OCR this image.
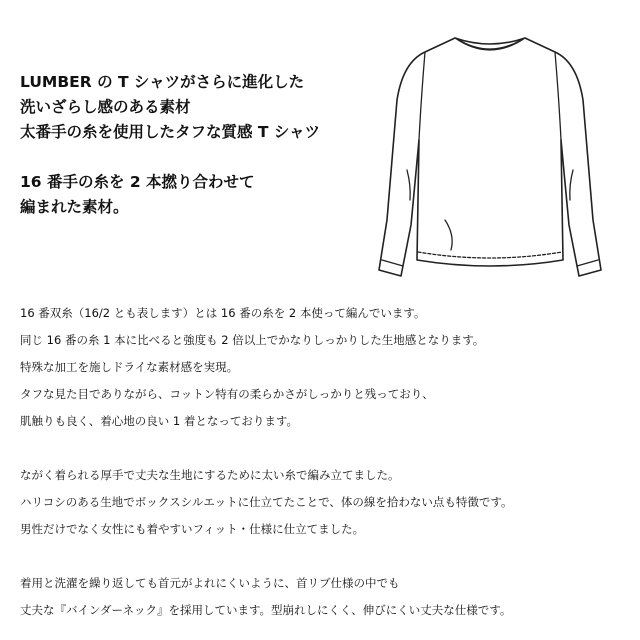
LUMBER の T シャツがさらに進化した
洗いざらし感のある素材
太番手の糸を使用したタフな質感 T シャツ
16 番手の糸を 2 本撚り合わせて
編まれた素材。
16 番双糸（16/2 とも表します）とは 16 番の糸を 2 本使って編んでいます。
同じ 16 番の糸 1 本に比べると強度も 2 倍以上でかなりしっかりした生地感となります。
特殊な加工を施しドライな素材感を実現。
タフな見た目でありながら、コットン特有の柔らかさがしっかりと残っており、
肌触りも良く、着心地の良い 1 着となっております。
ながく着られる厚手で丈夫な生地にするために太い糸で編み立てました。
ハリコシのある生地でボックスシルエットに仕立てたことで、体の線を拾わない点も特徴です。
男性だけでなく女性にも着やすいフィット・仕様に仕立てました。
着用と洗濯を繰り返しても首元がよれにくいように、首リブ仕様の中でも
丈夫な『バインダーネック』を採用しています。型崩れしにくく、伸びにくい丈夫な仕様です。
